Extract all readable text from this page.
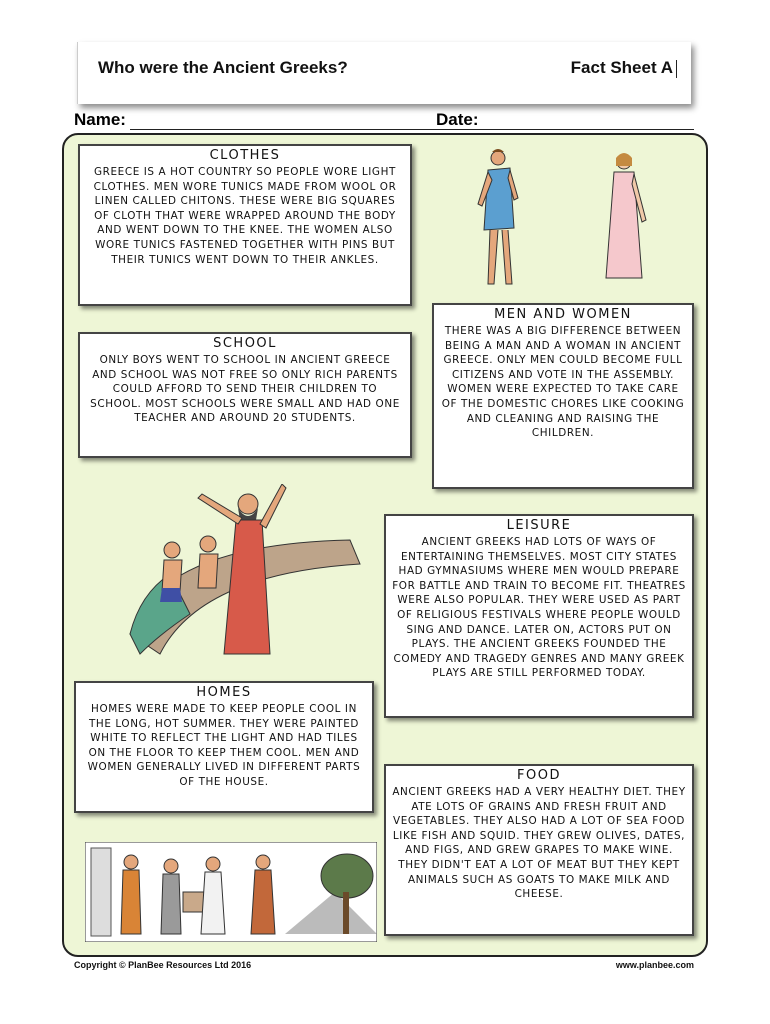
Who were the Ancient Greeks?	Fact Sheet A
Name:	Date:
CLOTHES

GREECE IS A HOT COUNTRY SO PEOPLE WORE LIGHT CLOTHES. MEN WORE TUNICS MADE FROM WOOL OR LINEN CALLED CHITONS. THESE WERE BIG SQUARES OF CLOTH THAT WERE WRAPPED AROUND THE BODY AND WENT DOWN TO THE KNEE. THE WOMEN ALSO WORE TUNICS FASTENED TOGETHER WITH PINS BUT THEIR TUNICS WENT DOWN TO THEIR ANKLES.

SCHOOL

ONLY BOYS WENT TO SCHOOL IN ANCIENT GREECE AND SCHOOL WAS NOT FREE SO ONLY RICH PARENTS COULD AFFORD TO SEND THEIR CHILDREN TO SCHOOL. MOST SCHOOLS WERE SMALL AND HAD ONE TEACHER AND AROUND 20 STUDENTS.

MEN AND WOMEN

THERE WAS A BIG DIFFERENCE BETWEEN BEING A MAN AND A WOMAN IN ANCIENT GREECE. ONLY MEN COULD BECOME FULL CITIZENS AND VOTE IN THE ASSEMBLY. WOMEN WERE EXPECTED TO TAKE CARE OF THE DOMESTIC CHORES LIKE COOKING AND CLEANING AND RAISING THE CHILDREN.

LEISURE

ANCIENT GREEKS HAD LOTS OF WAYS OF ENTERTAINING THEMSELVES. MOST CITY STATES HAD GYMNASIUMS WHERE MEN WOULD PREPARE FOR BATTLE AND TRAIN TO BECOME FIT. THEATRES WERE ALSO POPULAR. THEY WERE USED AS PART OF RELIGIOUS FESTIVALS WHERE PEOPLE WOULD SING AND DANCE. LATER ON, ACTORS PUT ON PLAYS. THE ANCIENT GREEKS FOUNDED THE COMEDY AND TRAGEDY GENRES AND MANY GREEK PLAYS ARE STILL PERFORMED TODAY.

HOMES

HOMES WERE MADE TO KEEP PEOPLE COOL IN THE LONG, HOT SUMMER. THEY WERE PAINTED WHITE TO REFLECT THE LIGHT AND HAD TILES ON THE FLOOR TO KEEP THEM COOL. MEN AND WOMEN GENERALLY LIVED IN DIFFERENT PARTS OF THE HOUSE.	FOOD

ANCIENT GREEKS HAD A VERY HEALTHY DIET. THEY ATE LOTS OF GRAINS AND FRESH FRUIT AND VEGETABLES. THEY ALSO HAD A LOT OF SEA FOOD LIKE FISH AND SQUID. THEY GREW OLIVES, DATES, AND FIGS, AND GREW GRAPES TO MAKE WINE. THEY DIDN'T EAT A LOT OF MEAT BUT THEY KEPT ANIMALS SUCH AS GOATS TO MAKE MILK AND CHEESE.

Copyright © PlanBee Resources Ltd 2016	www.planbee.com
